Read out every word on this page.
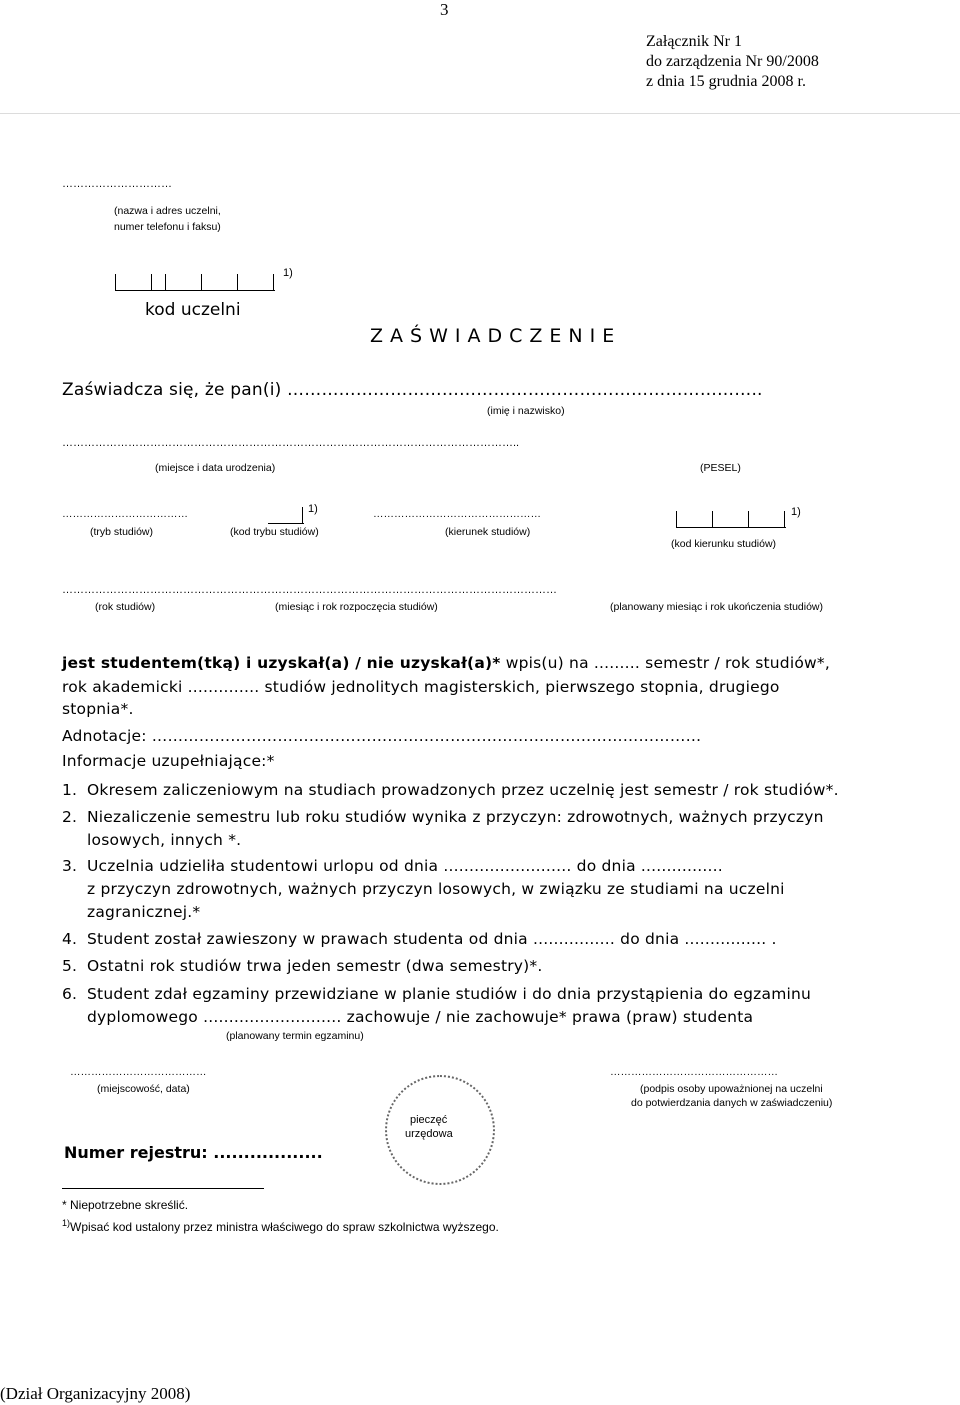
3
Załącznik Nr 1
do zarządzenia Nr 90/2008
z dnia 15 grudnia 2008 r.
…………………………
(nazwa i adres uczelni,
numer telefonu i faksu)
1)
kod uczelni
ZAŚWIADCZENIE
Zaświadcza się, że pan(i) ………………………………………………………………………..
(imię i nazwisko)
……………………………………………………………………………………………………………..
(miejsce i data urodzenia)	(PESEL)
………………………………	1)	…………………………………………	1)
(tryb studiów)	(kod trybu studiów)	(kierunek studiów)
(kod kierunku studiów)
………………………………………………………………………………………………………………………
(rok studiów)	(miesiąc i rok rozpoczęcia studiów)	(planowany miesiąc i rok ukończenia studiów)
jest studentem(tką) i uzyskał(a) / nie uzyskał(a)* wpis(u) na ......... semestr / rok studiów*,
rok akademicki .............. studiów jednolitych magisterskich, pierwszego stopnia, drugiego
stopnia*.
Adnotacje: ……………………………………………………………………………………………
Informacje uzupełniające:*
1. Okresem zaliczeniowym na studiach prowadzonych przez uczelnię jest semestr / rok studiów*.
2. Niezaliczenie semestru lub roku studiów wynika z przyczyn: zdrowotnych, ważnych przyczyn
losowych, innych *.
3. Uczelnia udzieliła studentowi urlopu od dnia ......................... do dnia ................
z przyczyn zdrowotnych, ważnych przyczyn losowych, w związku ze studiami na uczelni
zagranicznej.*
4. Student został zawieszony w prawach studenta od dnia ................ do dnia ................ .
5. Ostatni rok studiów trwa jeden semestr (dwa semestry)*.
6. Student zdał egzaminy przewidziane w planie studiów i do dnia przystąpienia do egzaminu
dyplomowego ........................... zachowuje / nie zachowuje* prawa (praw) studenta
(planowany termin egzaminu)
…………………………………
(miejscowość, data)
…………………………………………
(podpis osoby upoważnionej na uczelni
do potwierdzania danych w zaświadczeniu)
pieczęć
urzędowa
Numer rejestru: ..................
* Niepotrzebne skreślić.
$^{1)}$Wpisać kod ustalony przez ministra właściwego do spraw szkolnictwa wyższego.
(Dział Organizacyjny 2008)
